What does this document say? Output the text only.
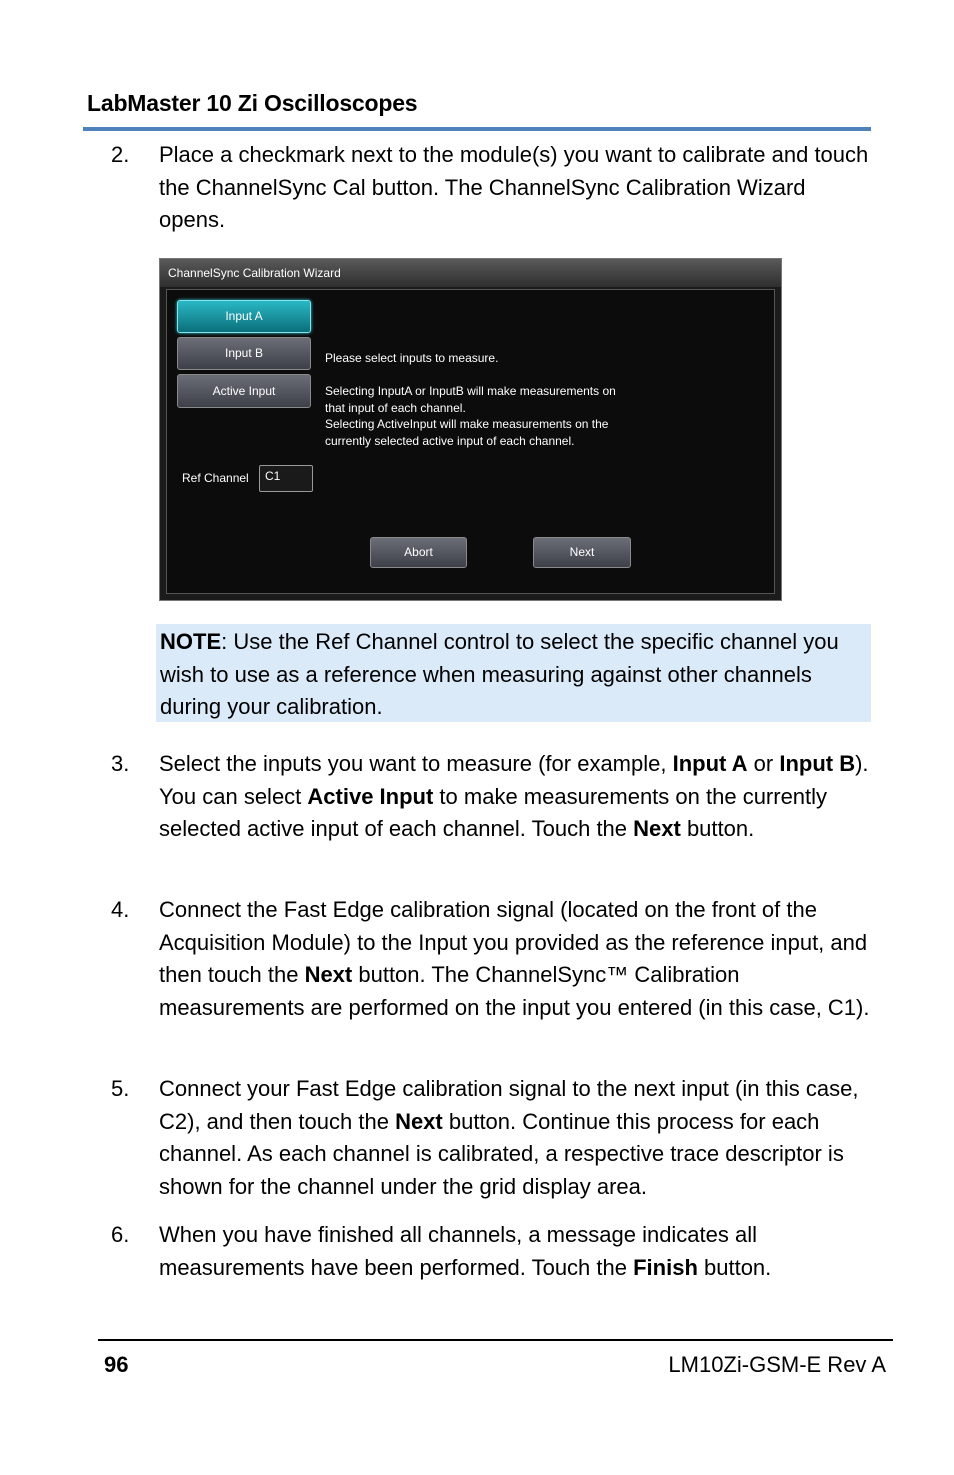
LabMaster 10 Zi Oscilloscopes
2.	Place a checkmark next to the module(s) you want to calibrate and touch the ChannelSync Cal button. The ChannelSync Calibration Wizard opens.
ChannelSync Calibration Wizard
Input A
Input B
Active Input
Ref Channel	C1
Please select inputs to measure.
Selecting InputA or InputB will make measurements on
that input of each channel.
Selecting ActiveInput will make measurements on the
currently selected active input of each channel.
Abort	Next
NOTE: Use the Ref Channel control to select the specific channel you wish to use as a reference when measuring against other channels during your calibration.
3.	Select the inputs you want to measure (for example, Input A or Input B). You can select Active Input to make measurements on the currently selected active input of each channel. Touch the Next button.
4.	Connect the Fast Edge calibration signal (located on the front of the Acquisition Module) to the Input you provided as the reference input, and then touch the Next button. The ChannelSync™ Calibration measurements are performed on the input you entered (in this case, C1).
5.	Connect your Fast Edge calibration signal to the next input (in this case, C2), and then touch the Next button. Continue this process for each channel. As each channel is calibrated, a respective trace descriptor is shown for the channel under the grid display area.
6.	When you have finished all channels, a message indicates all measurements have been performed. Touch the Finish button.
96	LM10Zi-GSM-E Rev A
